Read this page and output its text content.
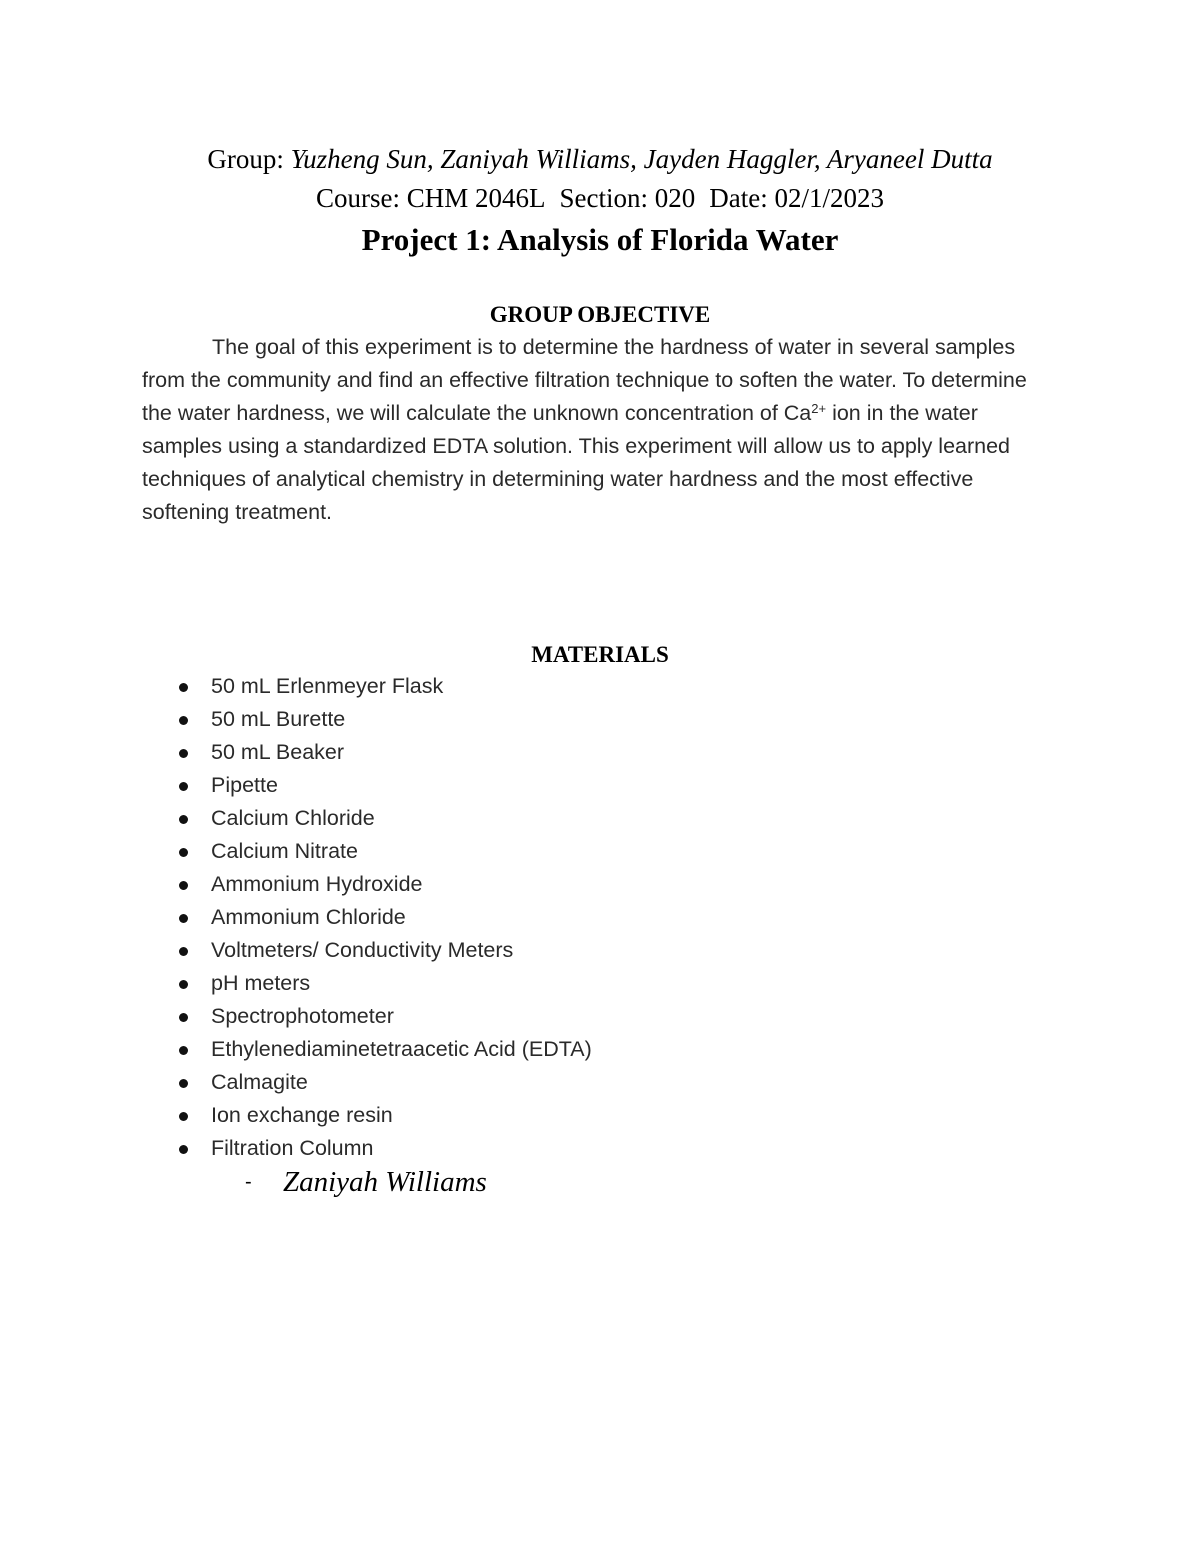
Group: Yuzheng Sun, Zaniyah Williams, Jayden Haggler, Aryaneel Dutta
Course: CHM 2046L Section: 020 Date: 02/1/2023
Project 1: Analysis of Florida Water
GROUP OBJECTIVE
The goal of this experiment is to determine the hardness of water in several samples from the community and find an effective filtration technique to soften the water. To determine the water hardness, we will calculate the unknown concentration of $Ca^{2+}$ ion in the water samples using a standardized EDTA solution. This experiment will allow us to apply learned techniques of analytical chemistry in determining water hardness and the most effective softening treatment.
MATERIALS
50 mL Erlenmeyer Flask
50 mL Burette
50 mL Beaker
Pipette
Calcium Chloride
Calcium Nitrate
Ammonium Hydroxide
Ammonium Chloride
Voltmeters/ Conductivity Meters
pH meters
Spectrophotometer
Ethylenediaminetetraacetic Acid (EDTA)
Calmagite
Ion exchange resin
Filtration Column
- Zaniyah Williams
